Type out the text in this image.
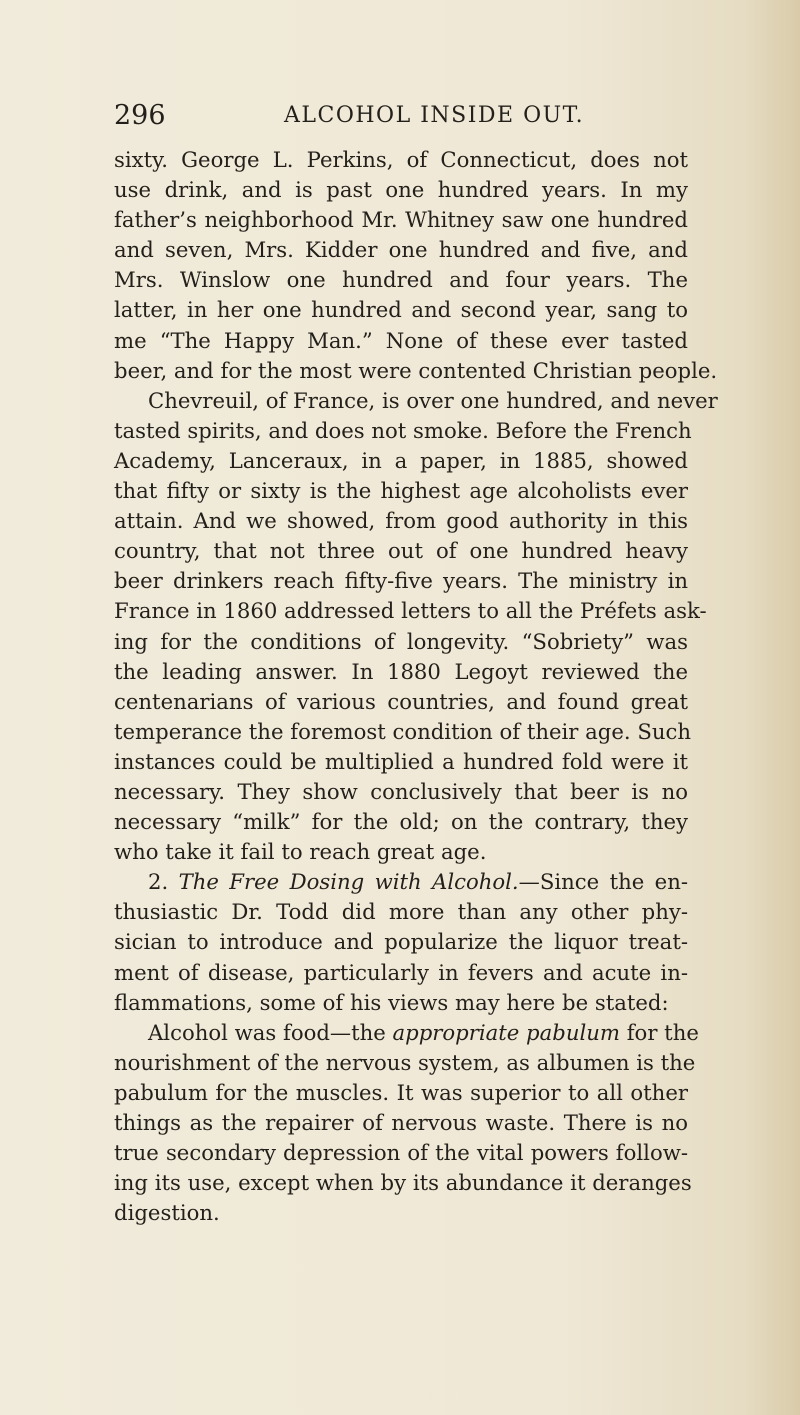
296	ALCOHOL INSIDE OUT.
sixty. George L. Perkins, of Connecticut, does not
use drink, and is past one hundred years. In my
father’s neighborhood Mr. Whitney saw one hundred
and seven, Mrs. Kidder one hundred and five, and
Mrs. Winslow one hundred and four years. The
latter, in her one hundred and second year, sang to
me “The Happy Man.” None of these ever tasted
beer, and for the most were contented Christian people.
Chevreuil, of France, is over one hundred, and never
tasted spirits, and does not smoke. Before the French
Academy, Lanceraux, in a paper, in 1885, showed
that fifty or sixty is the highest age alcoholists ever
attain. And we showed, from good authority in this
country, that not three out of one hundred heavy
beer drinkers reach fifty-five years. The ministry in
France in 1860 addressed letters to all the Préfets ask-
ing for the conditions of longevity. “Sobriety” was
the leading answer. In 1880 Legoyt reviewed the
centenarians of various countries, and found great
temperance the foremost condition of their age. Such
instances could be multiplied a hundred fold were it
necessary. They show conclusively that beer is no
necessary “milk” for the old; on the contrary, they
who take it fail to reach great age.
2. The Free Dosing with Alcohol.—Since the en-
thusiastic Dr. Todd did more than any other phy-
sician to introduce and popularize the liquor treat-
ment of disease, particularly in fevers and acute in-
flammations, some of his views may here be stated:
Alcohol was food—the appropriate pabulum for the
nourishment of the nervous system, as albumen is the
pabulum for the muscles. It was superior to all other
things as the repairer of nervous waste. There is no
true secondary depression of the vital powers follow-
ing its use, except when by its abundance it deranges
digestion.
